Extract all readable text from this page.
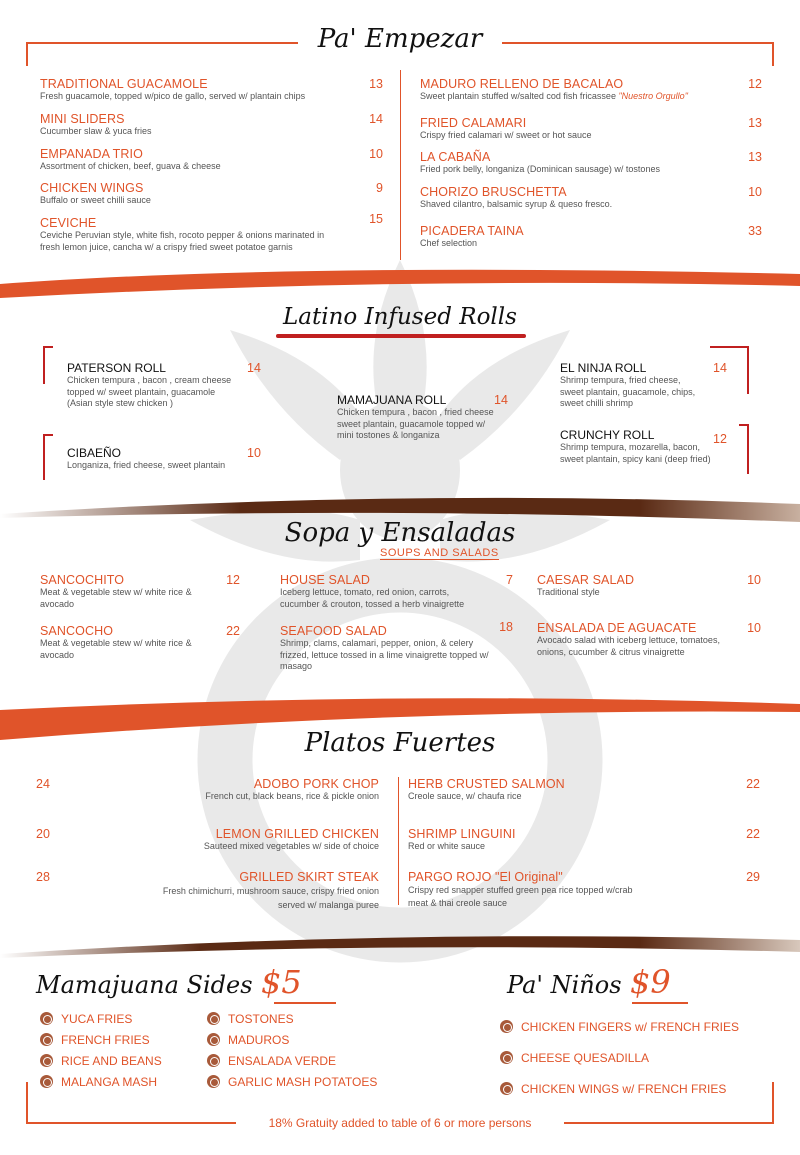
Pa' Empezar
TRADITIONAL GUACAMOLE
Fresh guacamole, topped w/pico de gallo, served w/ plantain chips
13
MINI SLIDERS
Cucumber slaw & yuca fries
14
EMPANADA TRIO
Assortment of chicken, beef, guava & cheese
10
CHICKEN WINGS
Buffalo or sweet chilli sauce
9
CEVICHE
Ceviche Peruvian style, white fish, rocoto pepper & onions marinated in fresh lemon juice, cancha w/ a crispy fried sweet potatoe garnis
15
MADURO RELLENO DE BACALAO
Sweet plantain stuffed w/salted cod fish fricassee "Nuestro Orgullo"
12
FRIED CALAMARI
Crispy fried calamari w/ sweet or hot sauce
13
LA CABAÑA
Fried pork belly, longaniza (Dominican sausage) w/ tostones
13
CHORIZO BRUSCHETTA
Shaved cilantro, balsamic syrup & queso fresco.
10
PICADERA TAINA
Chef selection
33
Latino Infused Rolls
PATERSON ROLL
Chicken tempura , bacon , cream cheese topped w/ sweet plantain, guacamole (Asian style stew chicken )
14
CIBAEÑO
Longaniza, fried cheese, sweet plantain
10
MAMAJUANA ROLL
Chicken tempura , bacon , fried cheese sweet plantain, guacamole topped w/ mini tostones & longaniza
14
EL NINJA ROLL
Shrimp tempura, fried cheese, sweet plantain, guacamole, chips, sweet chilli shrimp
14
CRUNCHY ROLL
Shrimp tempura, mozarella, bacon, sweet plantain, spicy kani (deep fried)
12
Sopa y Ensaladas
SOUPS AND SALADS
SANCOCHITO
Meat & vegetable stew w/ white rice & avocado
12
SANCOCHO
Meat & vegetable stew w/ white rice & avocado
22
HOUSE SALAD
Iceberg lettuce, tomato, red onion, carrots, cucumber & crouton, tossed a herb vinaigrette
7
SEAFOOD SALAD
Shrimp, clams, calamari, pepper, onion, & celery frizzed, lettuce tossed in a lime vinaigrette topped w/ masago
18
CAESAR SALAD
Traditional style
10
ENSALADA DE AGUACATE
Avocado salad with iceberg lettuce, tomatoes, onions, cucumber & citrus vinaigrette
10
Platos Fuertes
24	ADOBO PORK CHOP
French cut, black beans, rice & pickle onion
20	LEMON GRILLED CHICKEN
Sauteed mixed vegetables w/ side of choice
28	GRILLED SKIRT STEAK
Fresh chimichurri, mushroom sauce, crispy fried onion served w/ malanga puree
HERB CRUSTED SALMON
Creole sauce, w/ chaufa rice
22
SHRIMP LINGUINI
Red or white sauce
22
PARGO ROJO "El Original"
Crispy red snapper stuffed green pea rice topped w/crab meat & thai creole sauce
29
Mamajuana Sides $5
YUCA FRIES
FRENCH FRIES
RICE AND BEANS
MALANGA MASH
TOSTONES
MADUROS
ENSALADA VERDE
GARLIC MASH POTATOES
Pa' Niños $9
CHICKEN FINGERS w/ FRENCH FRIES
CHEESE QUESADILLA
CHICKEN WINGS w/ FRENCH FRIES
18% Gratuity added to table of 6 or more persons
